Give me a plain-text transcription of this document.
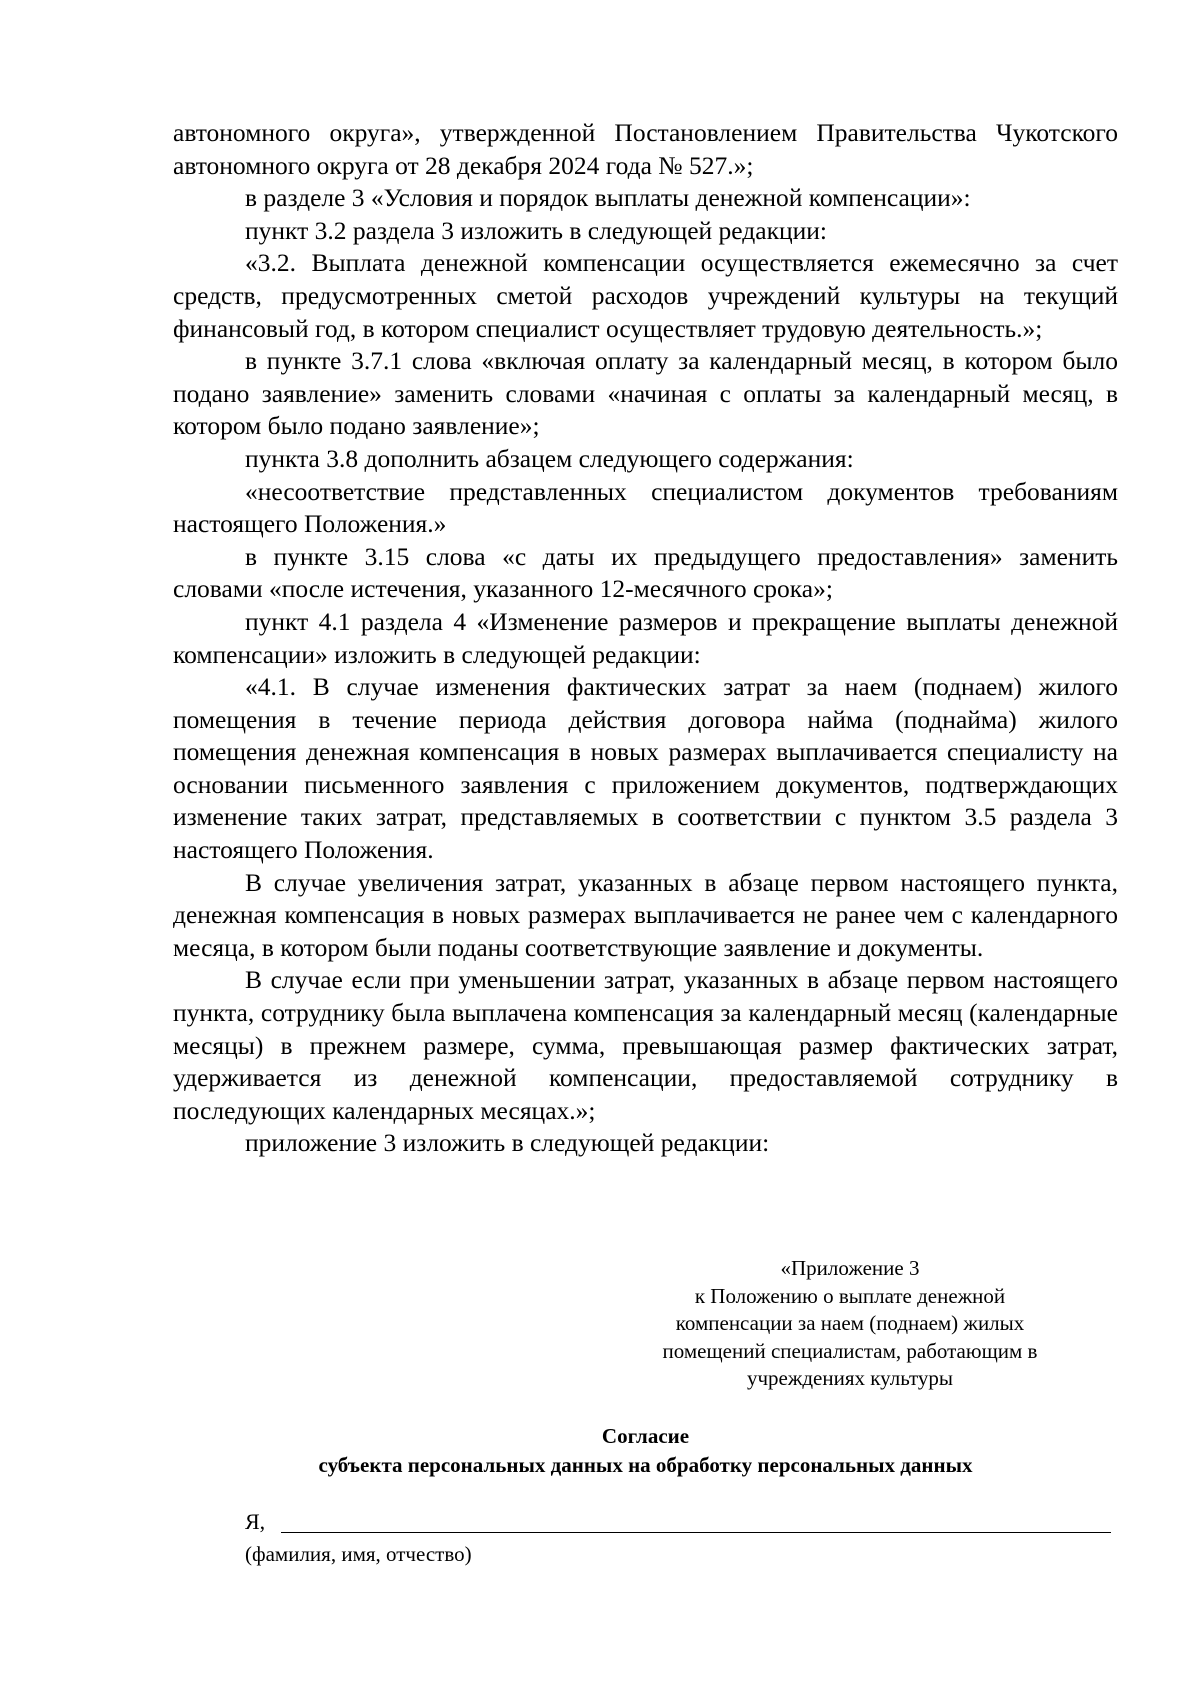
автономного округа», утвержденной Постановлением Правительства Чукотского автономного округа от 28 декабря 2024 года № 527.»;

в разделе 3 «Условия и порядок выплаты денежной компенсации»:

пункт 3.2 раздела 3 изложить в следующей редакции:

«3.2. Выплата денежной компенсации осуществляется ежемесячно за счет средств, предусмотренных сметой расходов учреждений культуры на текущий финансовый год, в котором специалист осуществляет трудовую деятельность.»;

в пункте 3.7.1 слова «включая оплату за календарный месяц, в котором было подано заявление» заменить словами «начиная с оплаты за календарный месяц, в котором было подано заявление»;

пункта 3.8 дополнить абзацем следующего содержания:

«несоответствие представленных специалистом документов требованиям настоящего Положения.»

в пункте 3.15 слова «с даты их предыдущего предоставления» заменить словами «после истечения, указанного 12-месячного срока»;

пункт 4.1 раздела 4 «Изменение размеров и прекращение выплаты денежной компенсации» изложить в следующей редакции:

«4.1. В случае изменения фактических затрат за наем (поднаем) жилого помещения в течение периода действия договора найма (поднайма) жилого помещения денежная компенсация в новых размерах выплачивается специалисту на основании письменного заявления с приложением документов, подтверждающих изменение таких затрат, представляемых в соответствии с пунктом 3.5 раздела 3 настоящего Положения.

В случае увеличения затрат, указанных в абзаце первом настоящего пункта, денежная компенсация в новых размерах выплачивается не ранее чем с календарного месяца, в котором были поданы соответствующие заявление и документы.

В случае если при уменьшении затрат, указанных в абзаце первом настоящего пункта, сотруднику была выплачена компенсация за календарный месяц (календарные месяцы) в прежнем размере, сумма, превышающая размер фактических затрат, удерживается из денежной компенсации, предоставляемой сотруднику в последующих календарных месяцах.»;

приложение 3 изложить в следующей редакции:

«Приложение 3
к Положению о выплате денежной
компенсации за наем (поднаем) жилых
помещений специалистам, работающим в
учреждениях культуры
Согласие
субъекта персональных данных на обработку персональных данных
Я,
(фамилия, имя, отчество)
